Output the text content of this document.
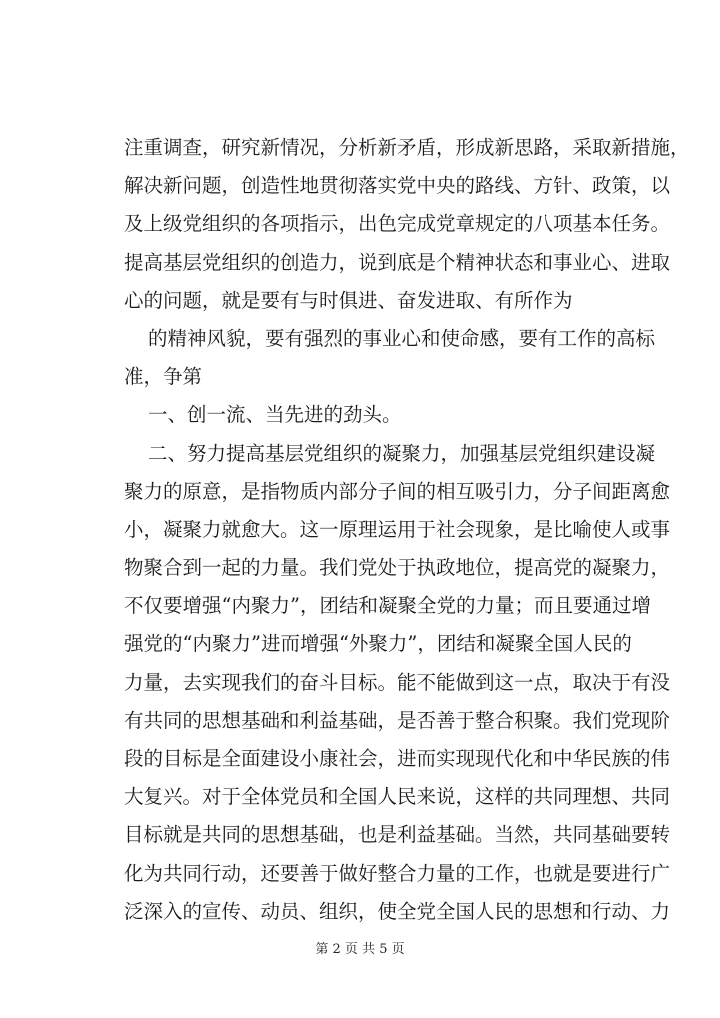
注重调查，研究新情况，分析新矛盾，形成新思路，采取新措施，
解决新问题，创造性地贯彻落实党中央的路线、方针、政策，以
及上级党组织的各项指示，出色完成党章规定的八项基本任务。
提高基层党组织的创造力，说到底是个精神状态和事业心、进取
心的问题，就是要有与时俱进、奋发进取、有所作为
的精神风貌，要有强烈的事业心和使命感，要有工作的高标
准，争第
一、创一流、当先进的劲头。
二、努力提高基层党组织的凝聚力，加强基层党组织建设凝
聚力的原意，是指物质内部分子间的相互吸引力，分子间距离愈
小，凝聚力就愈大。这一原理运用于社会现象，是比喻使人或事
物聚合到一起的力量。我们党处于执政地位，提高党的凝聚力，
不仅要增强“内聚力”，团结和凝聚全党的力量；而且要通过增
强党的“内聚力”进而增强“外聚力”，团结和凝聚全国人民的
力量，去实现我们的奋斗目标。能不能做到这一点，取决于有没
有共同的思想基础和利益基础，是否善于整合积聚。我们党现阶
段的目标是全面建设小康社会，进而实现现代化和中华民族的伟
大复兴。对于全体党员和全国人民来说，这样的共同理想、共同
目标就是共同的思想基础，也是利益基础。当然，共同基础要转
化为共同行动，还要善于做好整合力量的工作，也就是要进行广
泛深入的宣传、动员、组织，使全党全国人民的思想和行动、力
第 2 页 共 5 页
